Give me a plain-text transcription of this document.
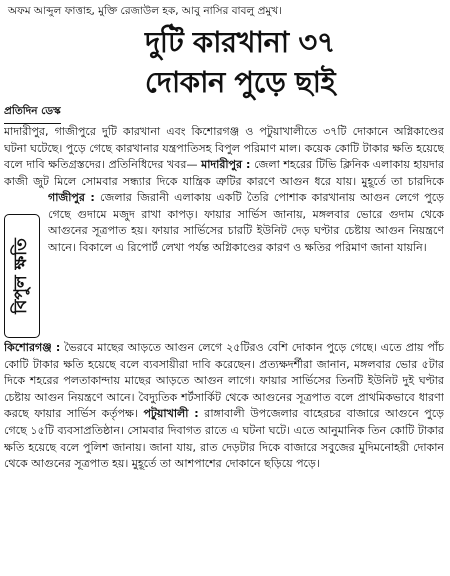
অফম আব্দুল ফাত্তাহ, মুক্তি রেজাউল হক, আবু নাসির বাবলু প্রমুখ।
দুটি কারখানা ৩৭
দোকান পুড়ে ছাই
প্রতিদিন ডেস্ক
মাদারীপুর, গাজীপুরে দুটি কারখানা এবং কিশোরগঞ্জ ও পটুয়াখালীতে ৩৭টি দোকানে অগ্নিকাণ্ডের ঘটনা ঘটেছে। পুড়ে গেছে কারখানার যন্ত্রপাতিসহ বিপুল পরিমাণ মাল। কয়েক কোটি টাকার ক্ষতি হয়েছে বলে দাবি ক্ষতিগ্রস্তদের। প্রতিনিধিদের খবর— মাদারীপুর : জেলা শহরের টিভি ক্লিনিক এলাকায় হায়দার কাজী জুট মিলে সোমবার সন্ধ্যার দিকে যান্ত্রিক ত্রুটির কারণে আগুন ধরে যায়। মুহূর্তে তা চারদিকে
গাজীপুর : জেলার জিরানী এলাকায় একটি তৈরি পোশাক কারখানায় আগুন লেগে পুড়ে গেছে গুদামে মজুদ রাখা কাপড়। ফায়ার সার্ভিস জানায়, মঙ্গলবার ভোরে গুদাম থেকে আগুনের সূত্রপাত হয়। ফায়ার সার্ভিসের চারটি ইউনিট দেড় ঘণ্টার চেষ্টায় আগুন নিয়ন্ত্রণে আনে। বিকালে এ রিপোর্ট লেখা পর্যন্ত অগ্নিকাণ্ডের কারণ ও ক্ষতির পরিমাণ জানা যায়নি।
কিশোরগঞ্জ : ভৈরবে মাছের আড়তে আগুন লেগে ২৫টিরও বেশি দোকান পুড়ে গেছে। এতে প্রায় পাঁচ কোটি টাকার ক্ষতি হয়েছে বলে ব্যবসায়ীরা দাবি করেছেন। প্রত্যক্ষদর্শীরা জানান, মঙ্গলবার ভোর ৫টার দিকে শহরের পলতাকান্দায় মাছের আড়তে আগুন লাগে। ফায়ার সার্ভিসের তিনটি ইউনিট দুই ঘণ্টার চেষ্টায় আগুন নিয়ন্ত্রণে আনে। বৈদ্যুতিক শর্টসার্কিট থেকে আগুনের সূত্রপাত বলে প্রাথমিকভাবে ধারণা করছে ফায়ার সার্ভিস কর্তৃপক্ষ। পটুয়াখালী : রাঙ্গাবালী উপজেলার বাহেরচর বাজারে আগুনে পুড়ে গেছে ১৫টি ব্যবসাপ্রতিষ্ঠান। সোমবার দিবাগত রাতে এ ঘটনা ঘটে। এতে আনুমানিক তিন কোটি টাকার ক্ষতি হয়েছে বলে পুলিশ জানায়। জানা যায়, রাত দেড়টার দিকে বাজারে সবুজের মুদিমনোহরী দোকান থেকে আগুনের সূত্রপাত হয়। মুহূর্তে তা আশপাশের দোকানে ছড়িয়ে পড়ে।
বিপুল ক্ষতি
